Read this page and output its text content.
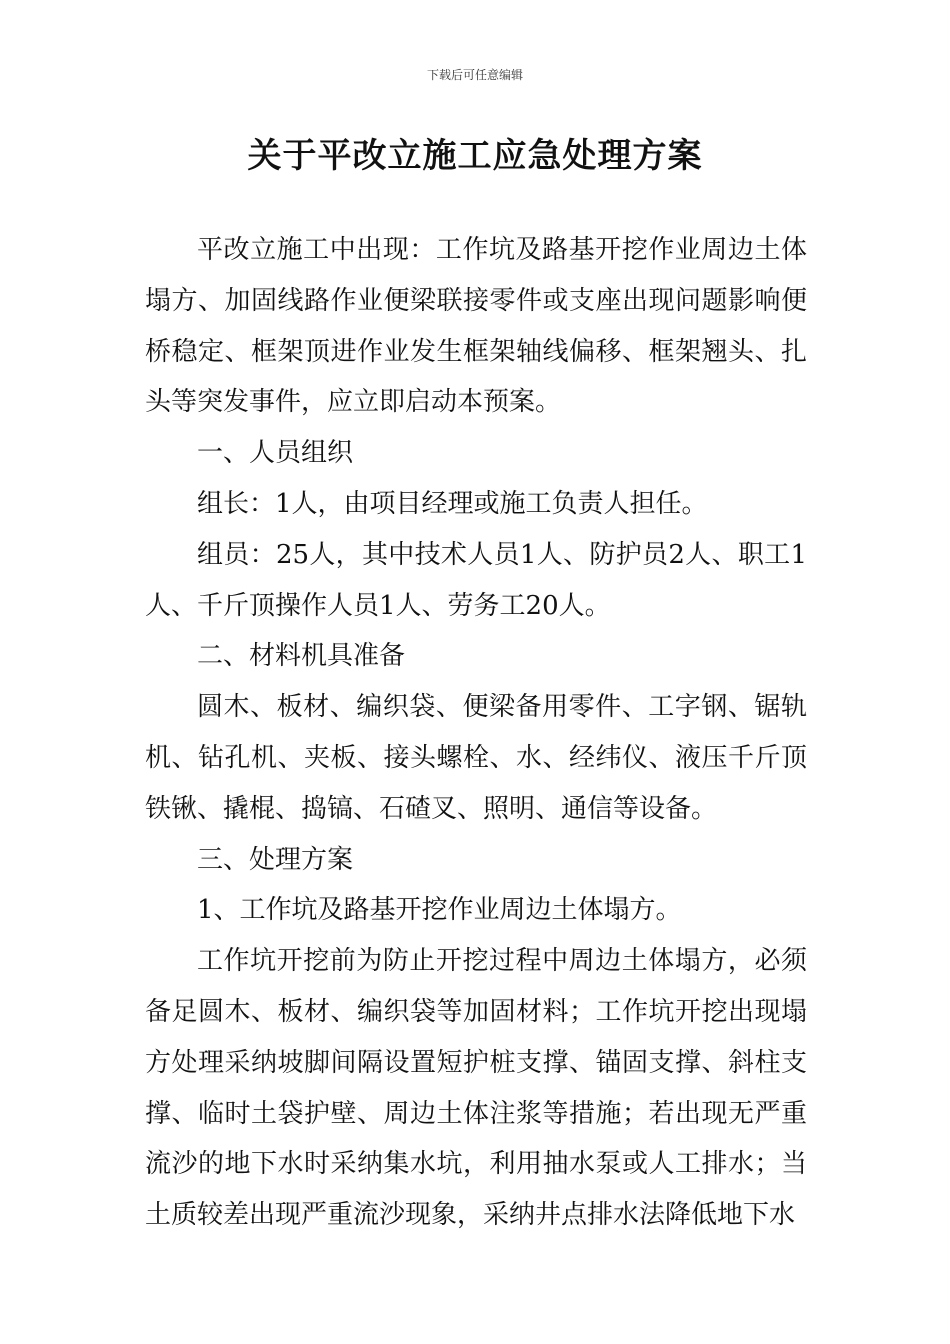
下载后可任意编辑
关于平改立施工应急处理方案

平改立施工中出现：工作坑及路基开挖作业周边土体塌方、加固线路作业便梁联接零件或支座出现问题影响便桥稳定、框架顶进作业发生框架轴线偏移、框架翘头、扎头等突发事件，应立即启动本预案。

一、人员组织

组长：1人，由项目经理或施工负责人担任。

组员：25人，其中技术人员1人、防护员2人、职工1人、千斤顶操作人员1人、劳务工20人。

二、材料机具准备

圆木、板材、编织袋、便梁备用零件、工字钢、锯轨机、钻孔机、夹板、接头螺栓、水、经纬仪、液压千斤顶铁锹、撬棍、捣镐、石碴叉、照明、通信等设备。

三、处理方案

1、工作坑及路基开挖作业周边土体塌方。

工作坑开挖前为防止开挖过程中周边土体塌方，必须备足圆木、板材、编织袋等加固材料；工作坑开挖出现塌方处理采纳坡脚间隔设置短护桩支撑、锚固支撑、斜柱支撑、临时土袋护壁、周边土体注浆等措施；若出现无严重流沙的地下水时采纳集水坑，利用抽水泵或人工排水；当土质较差出现严重流沙现象，采纳井点排水法降低地下水
